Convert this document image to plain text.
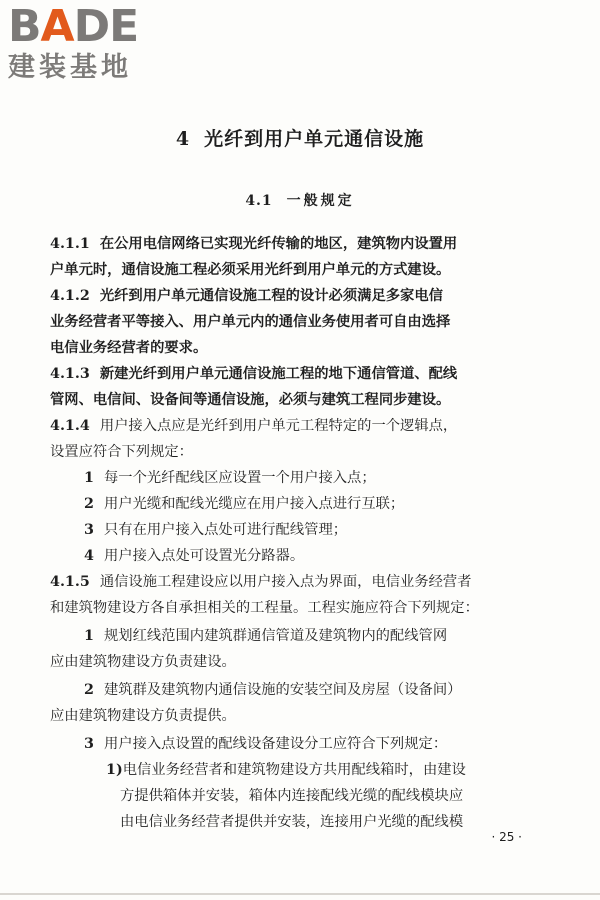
BADE
建装基地
4 光纤到用户单元通信设施
4.1 一般规定
4.1.1 在公用电信网络已实现光纤传输的地区，建筑物内设置用
户单元时，通信设施工程必须采用光纤到用户单元的方式建设。
4.1.2 光纤到用户单元通信设施工程的设计必须满足多家电信
业务经营者平等接入、用户单元内的通信业务使用者可自由选择
电信业务经营者的要求。
4.1.3 新建光纤到用户单元通信设施工程的地下通信管道、配线
管网、电信间、设备间等通信设施，必须与建筑工程同步建设。
4.1.4 用户接入点应是光纤到用户单元工程特定的一个逻辑点，
设置应符合下列规定：
1 每一个光纤配线区应设置一个用户接入点；
2 用户光缆和配线光缆应在用户接入点进行互联；
3 只有在用户接入点处可进行配线管理；
4 用户接入点处可设置光分路器。
4.1.5 通信设施工程建设应以用户接入点为界面，电信业务经营者
和建筑物建设方各自承担相关的工程量。工程实施应符合下列规定：
1 规划红线范围内建筑群通信管道及建筑物内的配线管网
应由建筑物建设方负责建设。
2 建筑群及建筑物内通信设施的安装空间及房屋（设备间）
应由建筑物建设方负责提供。
3 用户接入点设置的配线设备建设分工应符合下列规定：
1)电信业务经营者和建筑物建设方共用配线箱时，由建设
方提供箱体并安装，箱体内连接配线光缆的配线模块应
由电信业务经营者提供并安装，连接用户光缆的配线模
· 25 ·
